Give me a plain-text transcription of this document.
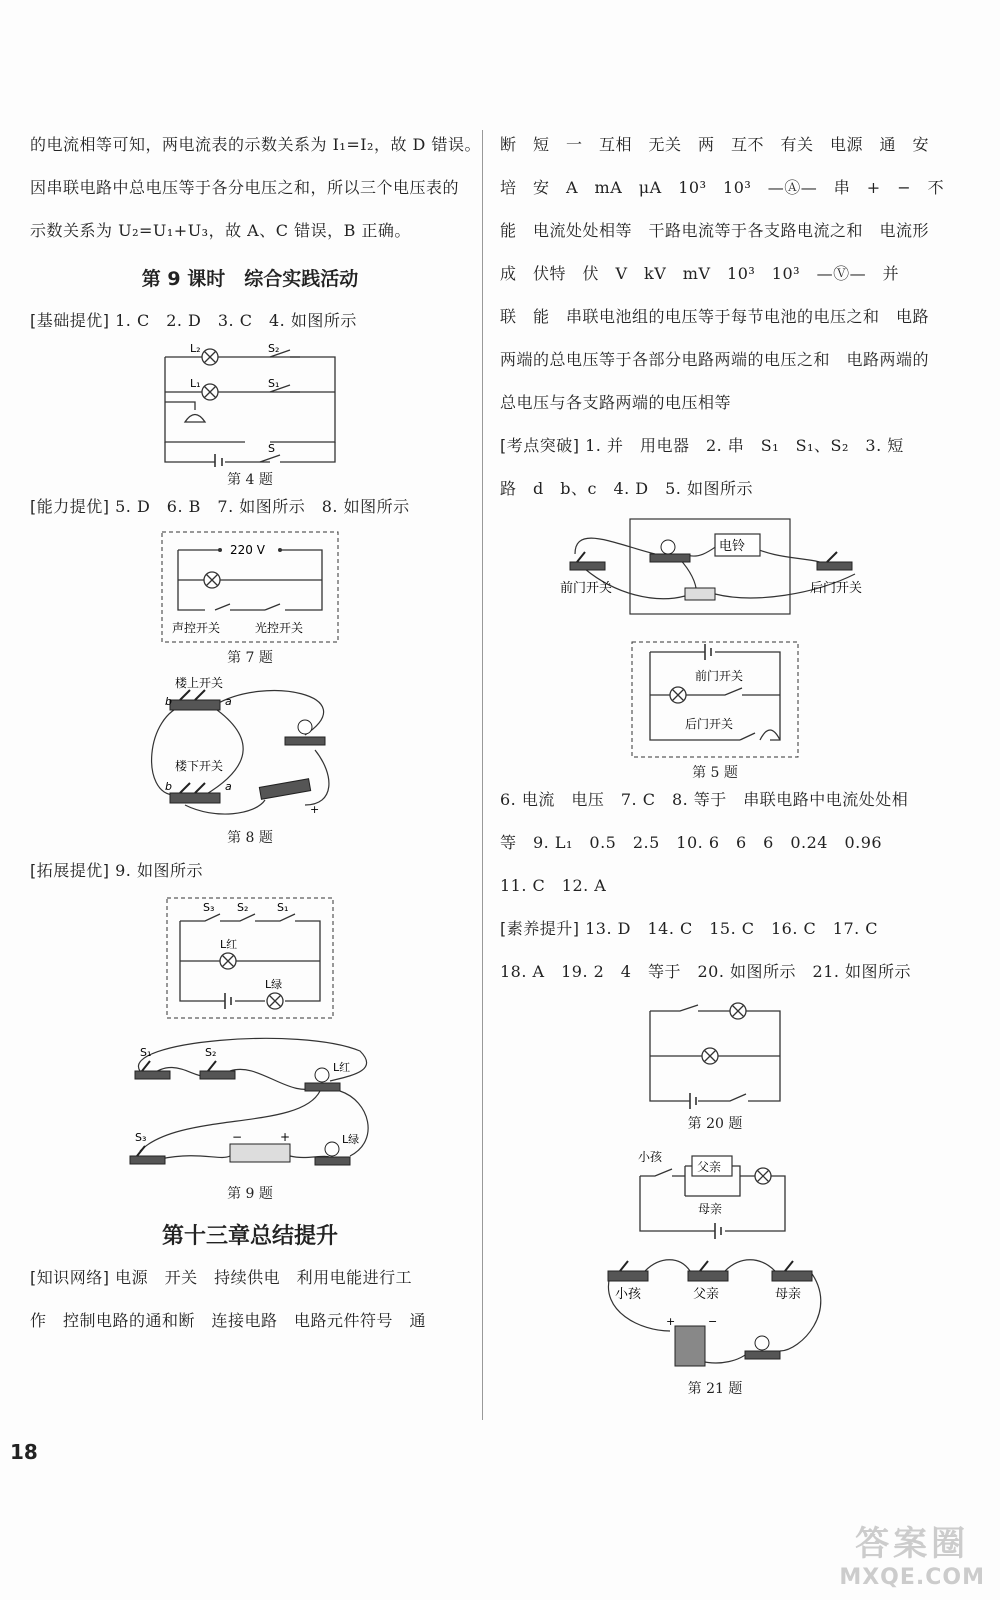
的电流相等可知，两电流表的示数关系为 I₁=I₂，故 D 错误。
因串联电路中总电压等于各分电压之和，所以三个电压表的
示数关系为 U₂=U₁+U₃，故 A、C 错误，B 正确。
第 9 课时　综合实践活动
[基础提优] 1. C　2. D　3. C　4. 如图所示
L₂	S₂
L₁	S₁
S
第 4 题
[能力提优] 5. D　6. B　7. 如图所示　8. 如图所示
220 V
声控开关	光控开关
第 7 题
楼上开关
楼下开关
b	a
b	a
+
第 8 题
[拓展提优] 9. 如图所示
S₃ S₂	S₁
L红
L绿
S₁	S₂
L红
S₃	L绿
−	+
第 9 题
第十三章总结提升
[知识网络] 电源　开关　持续供电　利用电能进行工
作　控制电路的通和断　连接电路　电路元件符号　通
断　短　一　互相　无关　两　互不　有关　电源　通　安
培　安　A　mA　μA　10³　10³　—Ⓐ—　串　+　−　不
能　电流处处相等　干路电流等于各支路电流之和　电流形
成　伏特　伏　V　kV　mV　10³　10³　—Ⓥ—　并
联　能　串联电池组的电压等于每节电池的电压之和　电路
两端的总电压等于各部分电路两端的电压之和　电路两端的
总电压与各支路两端的电压相等
[考点突破] 1. 并　用电器　2. 串　S₁　S₁、S₂　3. 短
路　d　b、c　4. D　5. 如图所示
电铃
前门开关	后门开关
前门开关
后门开关
第 5 题
6. 电流　电压　7. C　8. 等于　串联电路中电流处处相
等　9. L₁　0.5　2.5　10. 6　6　6　0.24　0.96
11. C　12. A
[素养提升] 13. D　14. C　15. C　16. C　17. C
18. A　19. 2　4　等于　20. 如图所示　21. 如图所示
第 20 题
小孩
父亲
母亲
小孩	父亲	母亲
+	−
第 21 题
18
答案圈
MXQE.COM
